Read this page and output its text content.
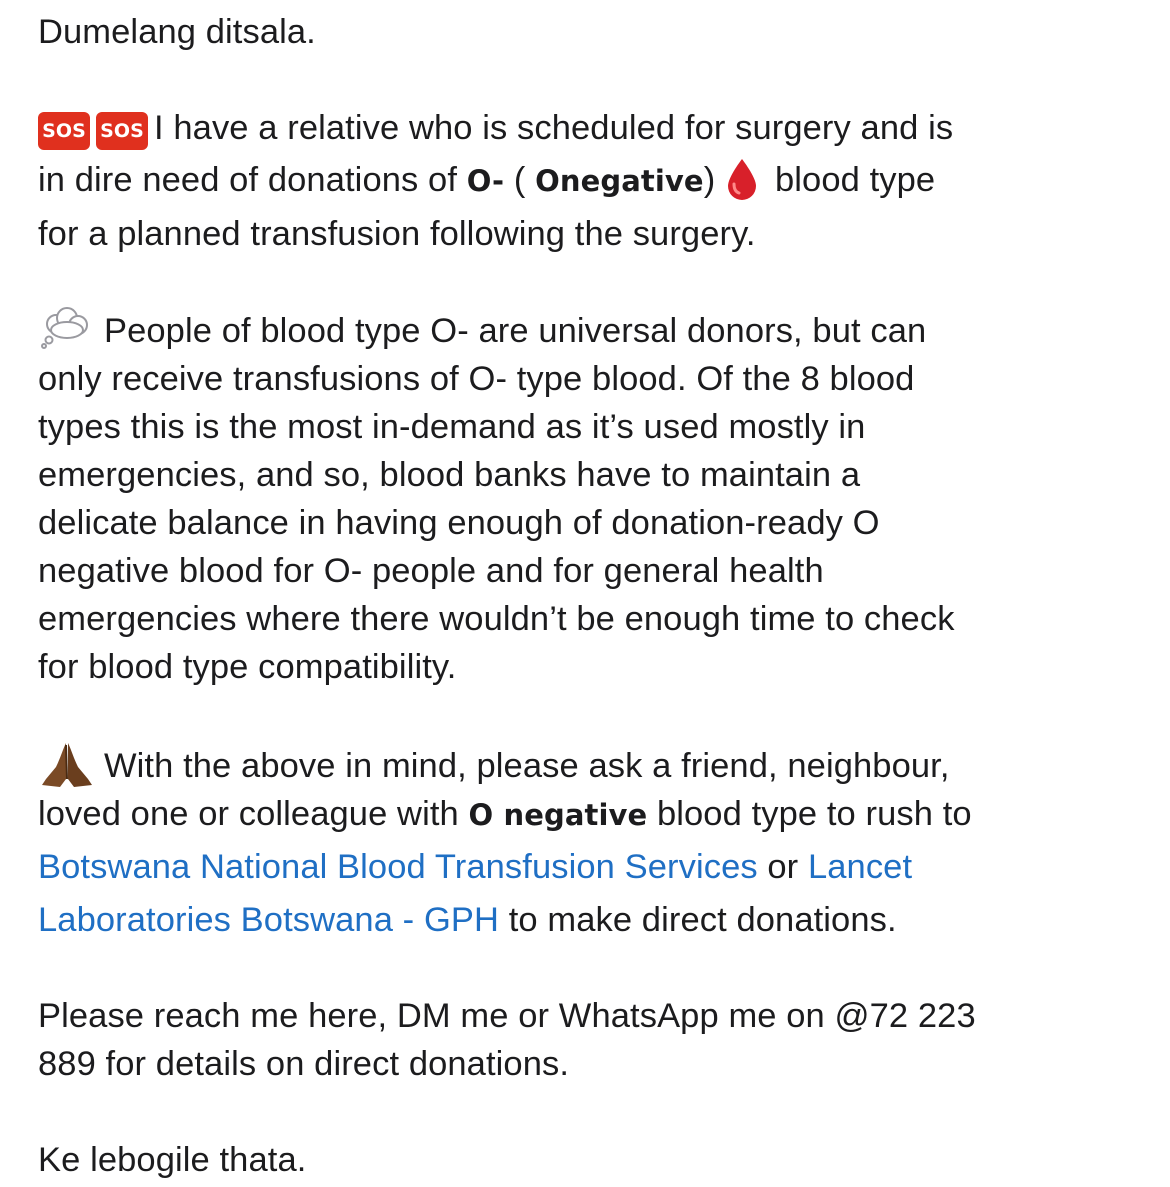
Dumelang ditsala.
SOS SOS I have a relative who is scheduled for surgery and is
in dire need of donations of O- ( Onegative) blood type
for a planned transfusion following the surgery.
People of blood type O- are universal donors, but can
only receive transfusions of O- type blood. Of the 8 blood
types this is the most in-demand as it’s used mostly in
emergencies, and so, blood banks have to maintain a
delicate balance in having enough of donation-ready O
negative blood for O- people and for general health
emergencies where there wouldn’t be enough time to check
for blood type compatibility.
With the above in mind, please ask a friend, neighbour,
loved one or colleague with O negative blood type to rush to
Botswana National Blood Transfusion Services or Lancet
Laboratories Botswana - GPH to make direct donations.
Please reach me here, DM me or WhatsApp me on @72 223
889 for details on direct donations.
Ke lebogile thata.
